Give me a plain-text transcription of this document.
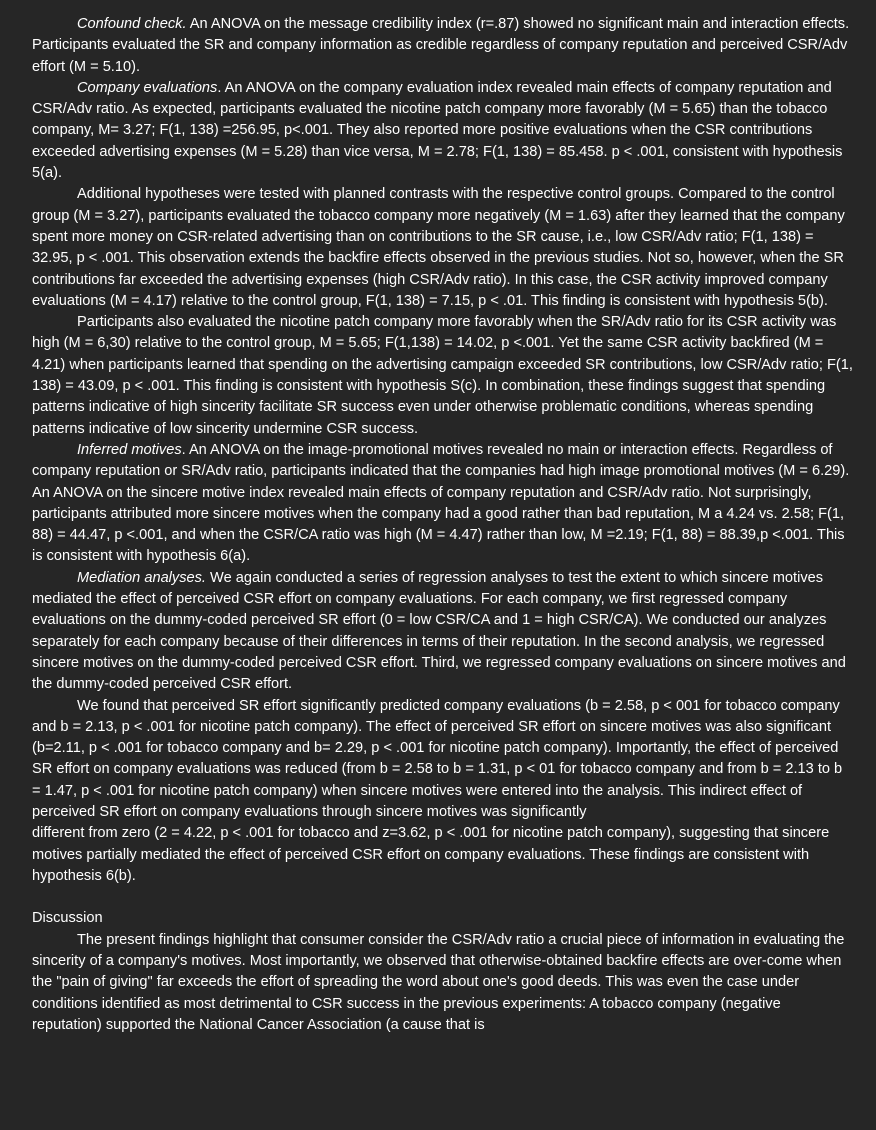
Confound check. An ANOVA on the message credibility index (r=.87) showed no significant main and interaction effects. Participants evaluated the SR and company information as credible regardless of company reputation and perceived CSR/Adv effort (M = 5.10).

Company evaluations. An ANOVA on the company evaluation index revealed main effects of company reputation and CSR/Adv ratio. As expected, participants evaluated the nicotine patch company more favorably (M = 5.65) than the tobacco company, M= 3.27; F(1, 138) =256.95, p<.001. They also reported more positive evaluations when the CSR contributions exceeded advertising expenses (M = 5.28) than vice versa, M = 2.78; F(1, 138) = 85.458. p < .001, consistent with hypothesis 5(a).

Additional hypotheses were tested with planned contrasts with the respective control groups. Compared to the control group (M = 3.27), participants evaluated the tobacco company more negatively (M = 1.63) after they learned that the company spent more money on CSR-related advertising than on contributions to the SR cause, i.e., low CSR/Adv ratio; F(1, 138) = 32.95, p < .001. This observation extends the backfire effects observed in the previous studies. Not so, however, when the SR contributions far exceeded the advertising expenses (high CSR/Adv ratio). In this case, the CSR activity improved company evaluations (M = 4.17) relative to the control group, F(1, 138) = 7.15, p < .01. This finding is consistent with hypothesis 5(b).

Participants also evaluated the nicotine patch company more favorably when the SR/Adv ratio for its CSR activity was high (M = 6,30) relative to the control group, M = 5.65; F(1,138) = 14.02, p <.001. Yet the same CSR activity backfired (M = 4.21) when participants learned that spending on the advertising campaign exceeded SR contributions, low CSR/Adv ratio; F(1, 138) = 43.09, p < .001. This finding is consistent with hypothesis S(c). In combination, these findings suggest that spending patterns indicative of high sincerity facilitate SR success even under otherwise problematic conditions, whereas spending patterns indicative of low sincerity undermine CSR success.

Inferred motives. An ANOVA on the image-promotional motives revealed no main or interaction effects. Regardless of company reputation or SR/Adv ratio, participants indicated that the companies had high image promotional motives (M = 6.29). An ANOVA on the sincere motive index revealed main effects of company reputation and CSR/Adv ratio. Not surprisingly, participants attributed more sincere motives when the company had a good rather than bad reputation, M a 4.24 vs. 2.58; F(1, 88) = 44.47, p <.001, and when the CSR/CA ratio was high (M = 4.47) rather than low, M =2.19; F(1, 88) = 88.39,p <.001. This is consistent with hypothesis 6(a).

Mediation analyses. We again conducted a series of regression analyses to test the extent to which sincere motives mediated the effect of perceived CSR effort on company evaluations. For each company, we first regressed company evaluations on the dummy-coded perceived SR effort (0 = low CSR/CA and 1 = high CSR/CA). We conducted our analyzes separately for each company because of their differences in terms of their reputation. In the second analysis, we regressed sincere motives on the dummy-coded perceived CSR effort. Third, we regressed company evaluations on sincere motives and the dummy-coded perceived CSR effort.

We found that perceived SR effort significantly predicted company evaluations (b = 2.58, p < 001 for tobacco company and b = 2.13, p < .001 for nicotine patch company). The effect of perceived SR effort on sincere motives was also significant (b=2.11, p < .001 for tobacco company and b= 2.29, p < .001 for nicotine patch company). Importantly, the effect of perceived SR effort on company evaluations was reduced (from b = 2.58 to b = 1.31, p < 01 for tobacco company and from b = 2.13 to b = 1.47, p < .001 for nicotine patch company) when sincere motives were entered into the analysis. This indirect effect of perceived SR effort on company evaluations through sincere motives was significantly

different from zero (2 = 4.22, p < .001 for tobacco and z=3.62, p < .001 for nicotine patch company), suggesting that sincere motives partially mediated the effect of perceived CSR effort on company evaluations. These findings are consistent with hypothesis 6(b).

Discussion

The present findings highlight that consumer consider the CSR/Adv ratio a crucial piece of information in evaluating the sincerity of a company's motives. Most importantly, we observed that otherwise-obtained backfire effects are over-come when the "pain of giving" far exceeds the effort of spreading the word about one's good deeds. This was even the case under conditions identified as most detrimental to CSR success in the previous experiments: A tobacco company (negative reputation) supported the National Cancer Association (a cause that is
